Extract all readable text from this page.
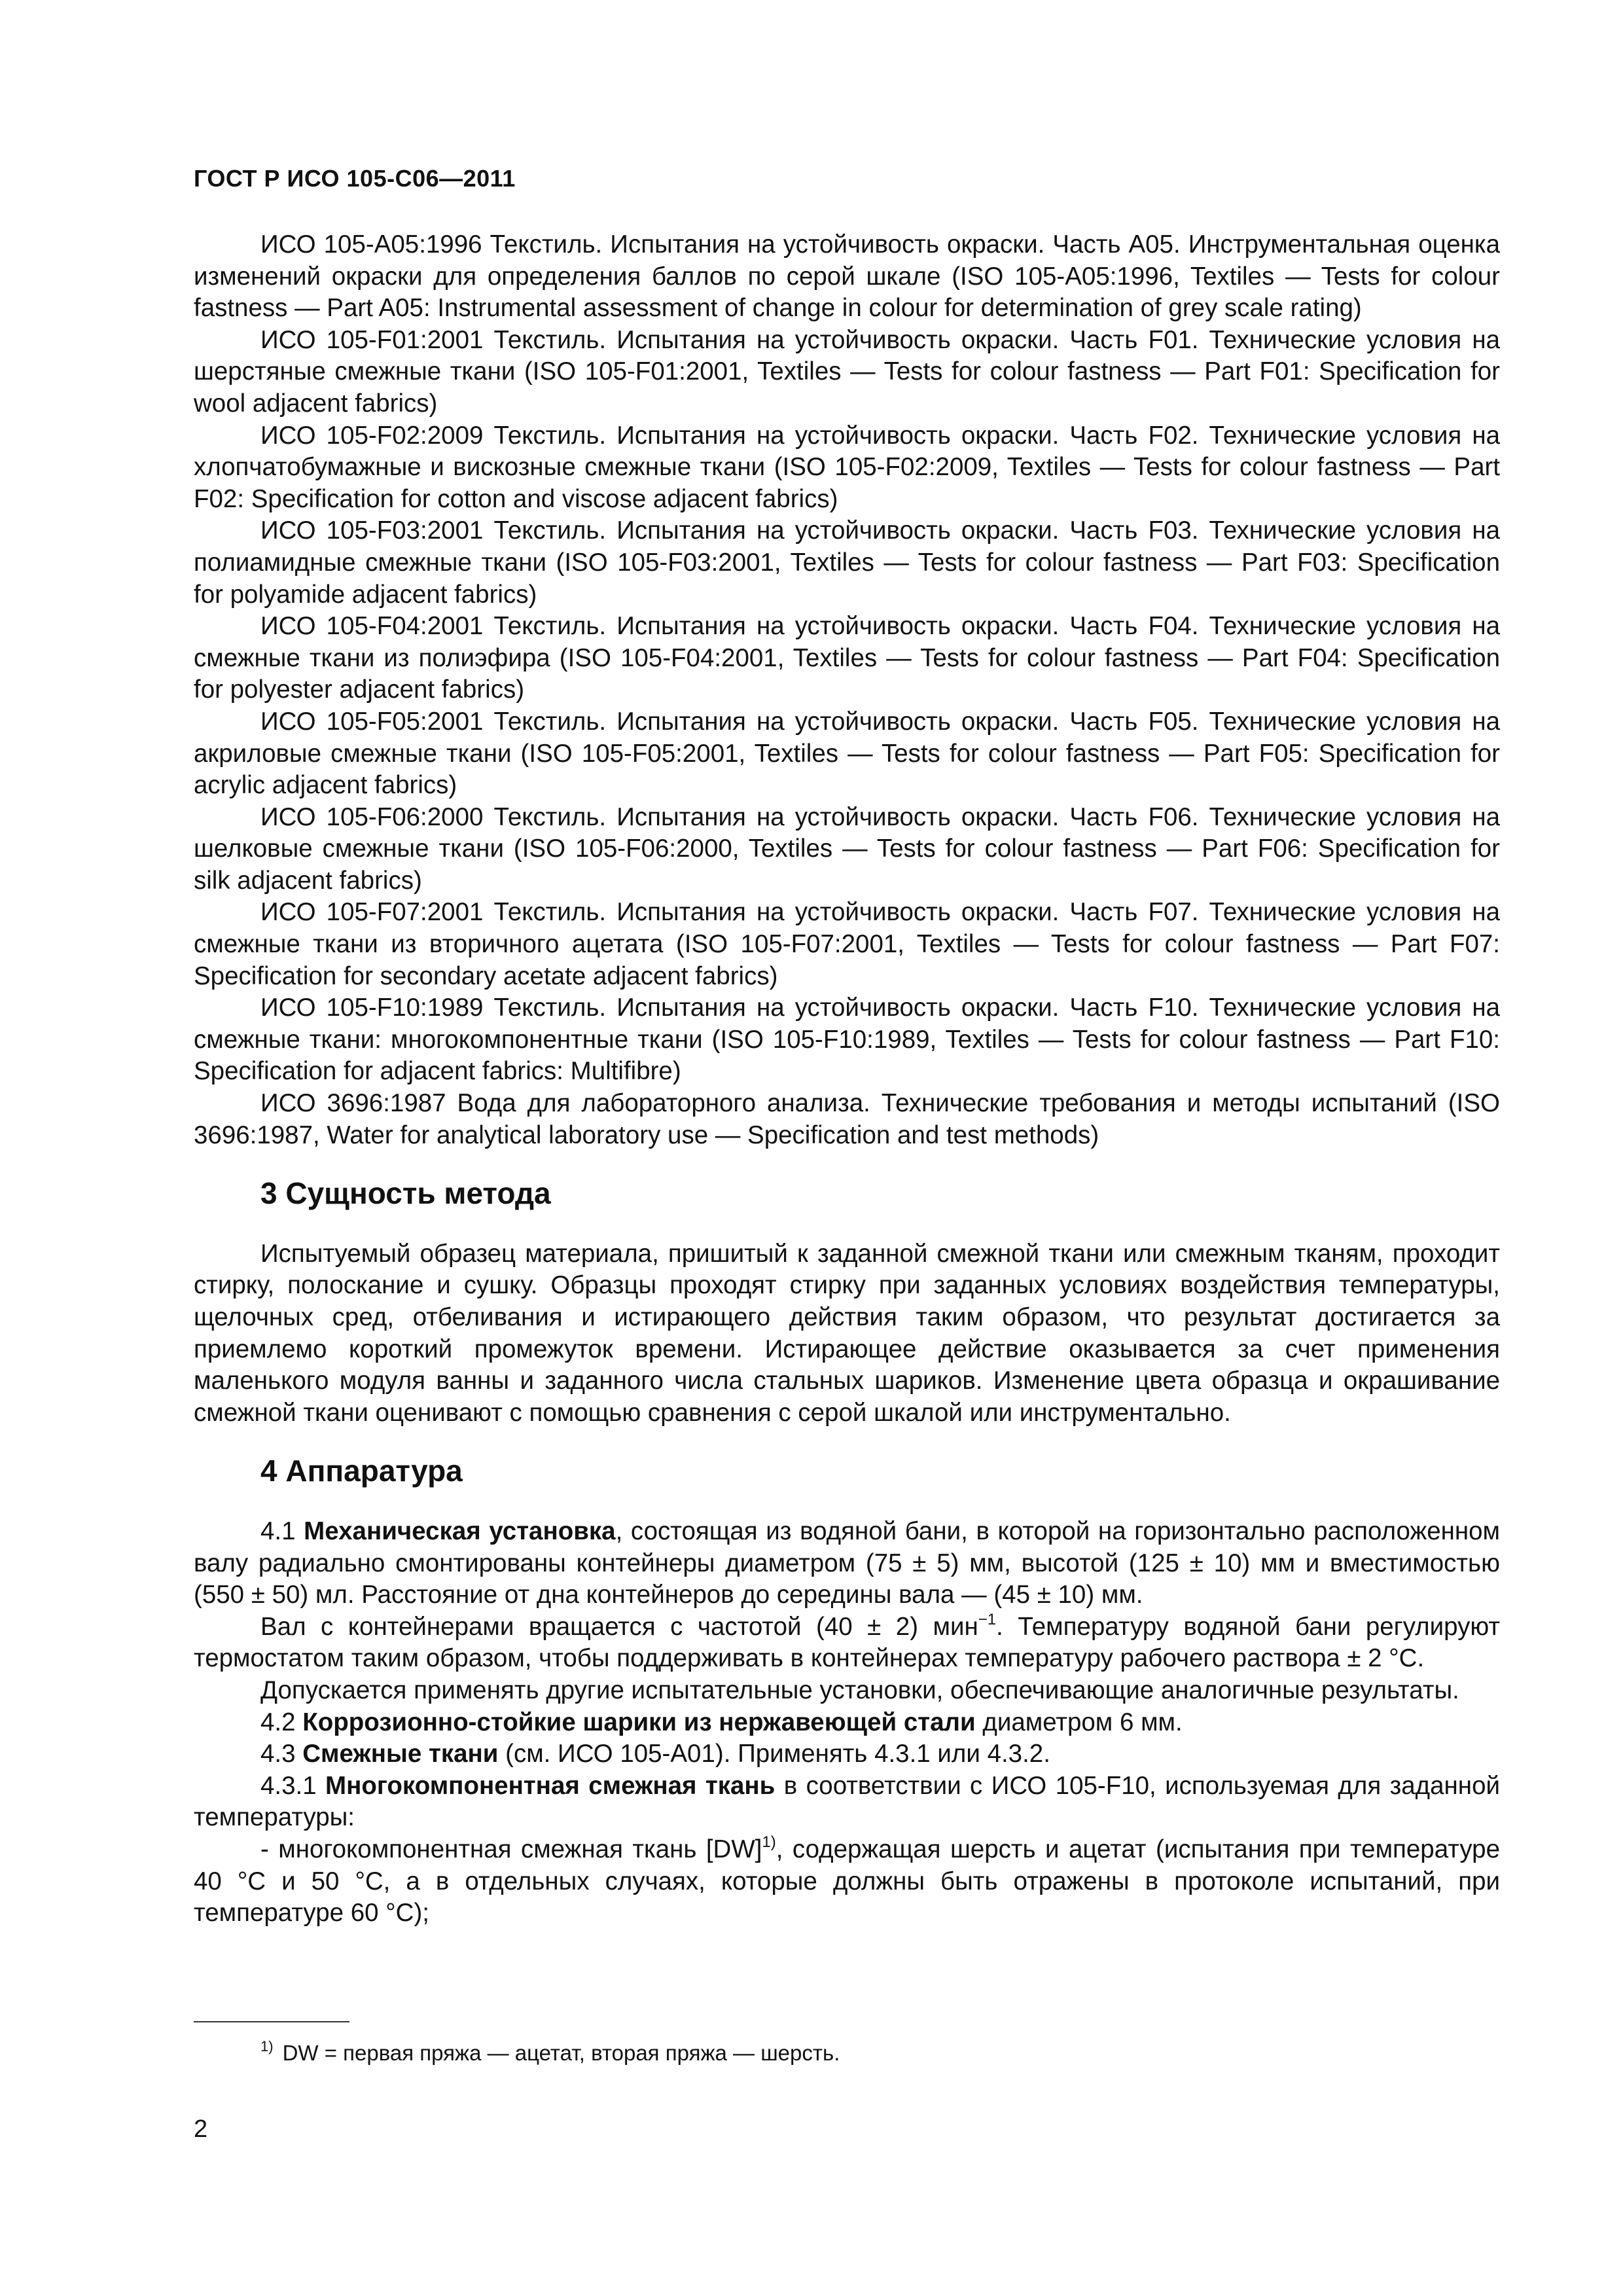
ГОСТ Р ИСО 105-С06—2011

ИСО 105-A05:1996 Текстиль. Испытания на устойчивость окраски. Часть A05. Инструментальная оценка изменений окраски для определения баллов по серой шкале (ISO 105-A05:1996, Textiles — Tests for colour fastness — Part A05: Instrumental assessment of change in colour for determination of grey scale rating)

ИСО 105-F01:2001 Текстиль. Испытания на устойчивость окраски. Часть F01. Технические условия на шерстяные смежные ткани (ISO 105-F01:2001, Textiles — Tests for colour fastness — Part F01: Specification for wool adjacent fabrics)

ИСО 105-F02:2009 Текстиль. Испытания на устойчивость окраски. Часть F02. Технические условия на хлопчатобумажные и вискозные смежные ткани (ISO 105-F02:2009, Textiles — Tests for colour fastness — Part F02: Specification for cotton and viscose adjacent fabrics)

ИСО 105-F03:2001 Текстиль. Испытания на устойчивость окраски. Часть F03. Технические условия на полиамидные смежные ткани (ISO 105-F03:2001, Textiles — Tests for colour fastness — Part F03: Specification for polyamide adjacent fabrics)

ИСО 105-F04:2001 Текстиль. Испытания на устойчивость окраски. Часть F04. Технические условия на смежные ткани из полиэфира (ISO 105-F04:2001, Textiles — Tests for colour fastness — Part F04: Specification for polyester adjacent fabrics)

ИСО 105-F05:2001 Текстиль. Испытания на устойчивость окраски. Часть F05. Технические условия на акриловые смежные ткани (ISO 105-F05:2001, Textiles — Tests for colour fastness — Part F05: Specification for acrylic adjacent fabrics)

ИСО 105-F06:2000 Текстиль. Испытания на устойчивость окраски. Часть F06. Технические условия на шелковые смежные ткани (ISO 105-F06:2000, Textiles — Tests for colour fastness — Part F06: Specification for silk adjacent fabrics)

ИСО 105-F07:2001 Текстиль. Испытания на устойчивость окраски. Часть F07. Технические условия на смежные ткани из вторичного ацетата (ISO 105-F07:2001, Textiles — Tests for colour fastness — Part F07: Specification for secondary acetate adjacent fabrics)

ИСО 105-F10:1989 Текстиль. Испытания на устойчивость окраски. Часть F10. Технические условия на смежные ткани: многокомпонентные ткани (ISO 105-F10:1989, Textiles — Tests for colour fastness — Part F10: Specification for adjacent fabrics: Multifibre)

ИСО 3696:1987 Вода для лабораторного анализа. Технические требования и методы испытаний (ISO 3696:1987, Water for analytical laboratory use — Specification and test methods)

3 Сущность метода

Испытуемый образец материала, пришитый к заданной смежной ткани или смежным тканям, проходит стирку, полоскание и сушку. Образцы проходят стирку при заданных условиях воздействия температуры, щелочных сред, отбеливания и истирающего действия таким образом, что результат достигается за приемлемо короткий промежуток времени. Истирающее действие оказывается за счет применения маленького модуля ванны и заданного числа стальных шариков. Изменение цвета образца и окрашивание смежной ткани оценивают с помощью сравнения с серой шкалой или инструментально.

4 Аппаратура

4.1 Механическая установка, состоящая из водяной бани, в которой на горизонтально расположенном валу радиально смонтированы контейнеры диаметром (75 ± 5) мм, высотой (125 ± 10) мм и вместимостью (550 ± 50) мл. Расстояние от дна контейнеров до середины вала — (45 ± 10) мм.

Вал с контейнерами вращается с частотой (40 ± 2) мин$^{-1}$. Температуру водяной бани регулируют термостатом таким образом, чтобы поддерживать в контейнерах температуру рабочего раствора ± 2 °С.

Допускается применять другие испытательные установки, обеспечивающие аналогичные результаты.

4.2 Коррозионно-стойкие шарики из нержавеющей стали диаметром 6 мм.

4.3 Смежные ткани (см. ИСО 105-A01). Применять 4.3.1 или 4.3.2.

4.3.1 Многокомпонентная смежная ткань в соответствии с ИСО 105-F10, используемая для заданной температуры:

- многокомпонентная смежная ткань [DW]$^{1)}$, содержащая шерсть и ацетат (испытания при температуре 40 °С и 50 °С, а в отдельных случаях, которые должны быть отражены в протоколе испытаний, при температуре 60 °С);

$^{1)}$ DW = первая пряжа — ацетат, вторая пряжа — шерсть.
2
